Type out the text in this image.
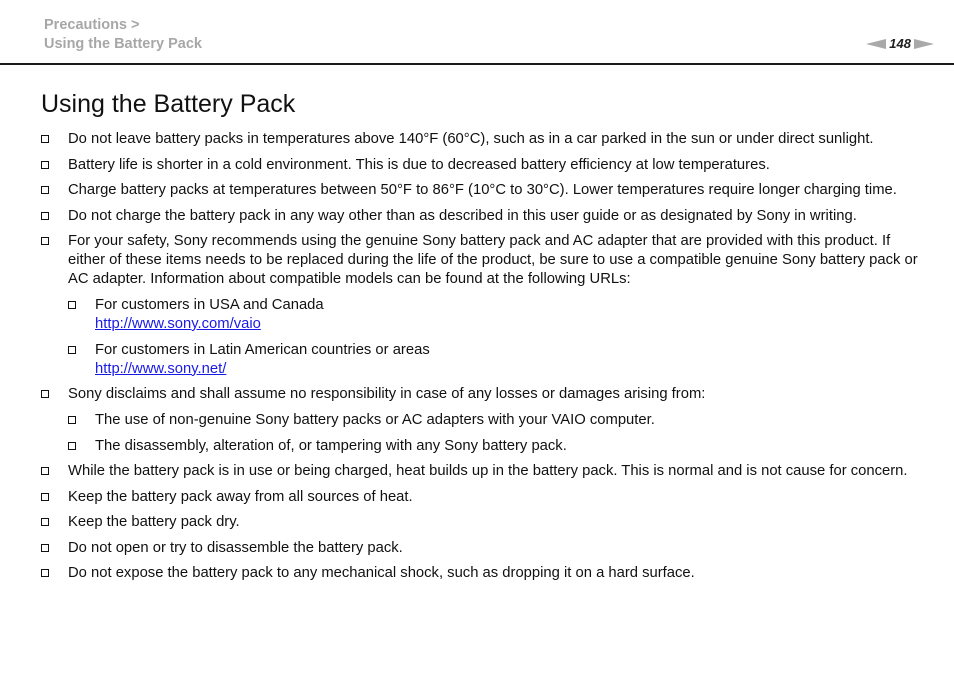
Precautions >
Using the Battery Pack	148
Using the Battery Pack
Do not leave battery packs in temperatures above 140°F (60°C), such as in a car parked in the sun or under direct sunlight.
Battery life is shorter in a cold environment. This is due to decreased battery efficiency at low temperatures.
Charge battery packs at temperatures between 50°F to 86°F (10°C to 30°C). Lower temperatures require longer charging time.
Do not charge the battery pack in any way other than as described in this user guide or as designated by Sony in writing.
For your safety, Sony recommends using the genuine Sony battery pack and AC adapter that are provided with this product. If either of these items needs to be replaced during the life of the product, be sure to use a compatible genuine Sony battery pack or AC adapter. Information about compatible models can be found at the following URLs:
For customers in USA and Canada
http://www.sony.com/vaio
For customers in Latin American countries or areas
http://www.sony.net/
Sony disclaims and shall assume no responsibility in case of any losses or damages arising from:
The use of non-genuine Sony battery packs or AC adapters with your VAIO computer.
The disassembly, alteration of, or tampering with any Sony battery pack.
While the battery pack is in use or being charged, heat builds up in the battery pack. This is normal and is not cause for concern.
Keep the battery pack away from all sources of heat.
Keep the battery pack dry.
Do not open or try to disassemble the battery pack.
Do not expose the battery pack to any mechanical shock, such as dropping it on a hard surface.
